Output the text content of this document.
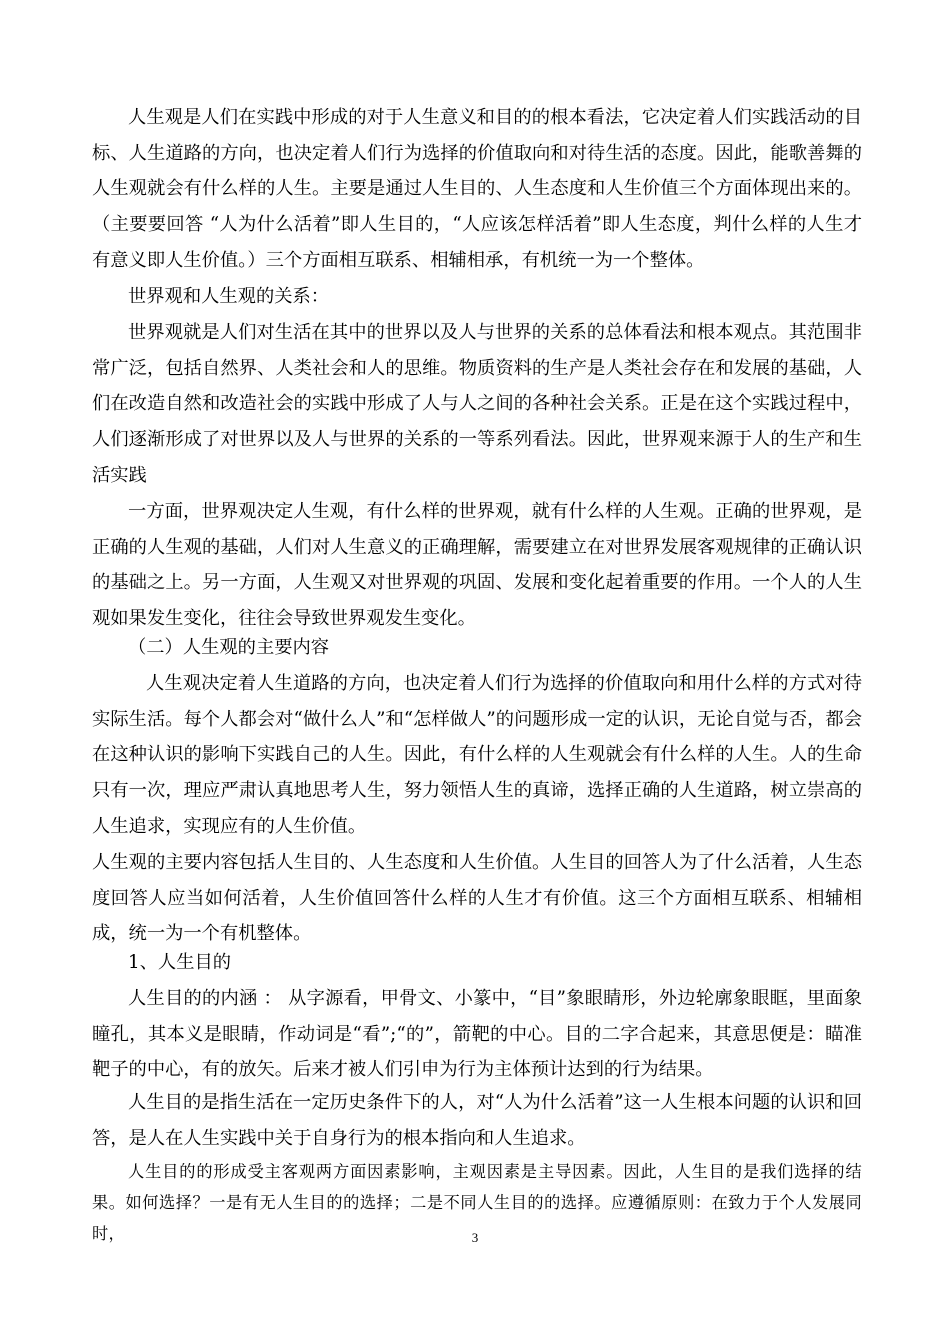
人生观是人们在实践中形成的对于人生意义和目的的根本看法，它决定着人们实践活动的目标、人生道路的方向，也决定着人们行为选择的价值取向和对待生活的态度。因此，能歌善舞的人生观就会有什么样的人生。主要是通过人生目的、人生态度和人生价值三个方面体现出来的。（主要要回答 “人为什么活着”即人生目的，“人应该怎样活着”即人生态度，判什么样的人生才有意义即人生价值。）三个方面相互联系、相辅相承，有机统一为一个整体。

世界观和人生观的关系：

世界观就是人们对生活在其中的世界以及人与世界的关系的总体看法和根本观点。其范围非常广泛，包括自然界、人类社会和人的思维。物质资料的生产是人类社会存在和发展的基础，人们在改造自然和改造社会的实践中形成了人与人之间的各种社会关系。正是在这个实践过程中，人们逐渐形成了对世界以及人与世界的关系的一等系列看法。因此，世界观来源于人的生产和生活实践

一方面，世界观决定人生观，有什么样的世界观，就有什么样的人生观。正确的世界观，是正确的人生观的基础，人们对人生意义的正确理解，需要建立在对世界发展客观规律的正确认识的基础之上。另一方面，人生观又对世界观的巩固、发展和变化起着重要的作用。一个人的人生观如果发生变化，往往会导致世界观发生变化。

（二）人生观的主要内容

人生观决定着人生道路的方向，也决定着人们行为选择的价值取向和用什么样的方式对待实际生活。每个人都会对“做什么人”和“怎样做人”的问题形成一定的认识，无论自觉与否，都会在这种认识的影响下实践自己的人生。因此，有什么样的人生观就会有什么样的人生。人的生命只有一次，理应严肃认真地思考人生，努力领悟人生的真谛，选择正确的人生道路，树立崇高的人生追求，实现应有的人生价值。

人生观的主要内容包括人生目的、人生态度和人生价值。人生目的回答人为了什么活着，人生态度回答人应当如何活着，人生价值回答什么样的人生才有价值。这三个方面相互联系、相辅相成，统一为一个有机整体。

1、人生目的

人生目的的内涵 ： 从字源看，甲骨文、小篆中，“目”象眼睛形，外边轮廓象眼眶，里面象瞳孔，其本义是眼睛，作动词是“看”;“的”，箭靶的中心。目的二字合起来，其意思便是：瞄准靶子的中心，有的放矢。后来才被人们引申为行为主体预计达到的行为结果。

人生目的是指生活在一定历史条件下的人，对“人为什么活着”这一人生根本问题的认识和回答，是人在人生实践中关于自身行为的根本指向和人生追求。

人生目的的形成受主客观两方面因素影响，主观因素是主导因素。因此，人生目的是我们选择的结果。如何选择？一是有无人生目的的选择；二是不同人生目的的选择。应遵循原则：在致力于个人发展同时，	3
